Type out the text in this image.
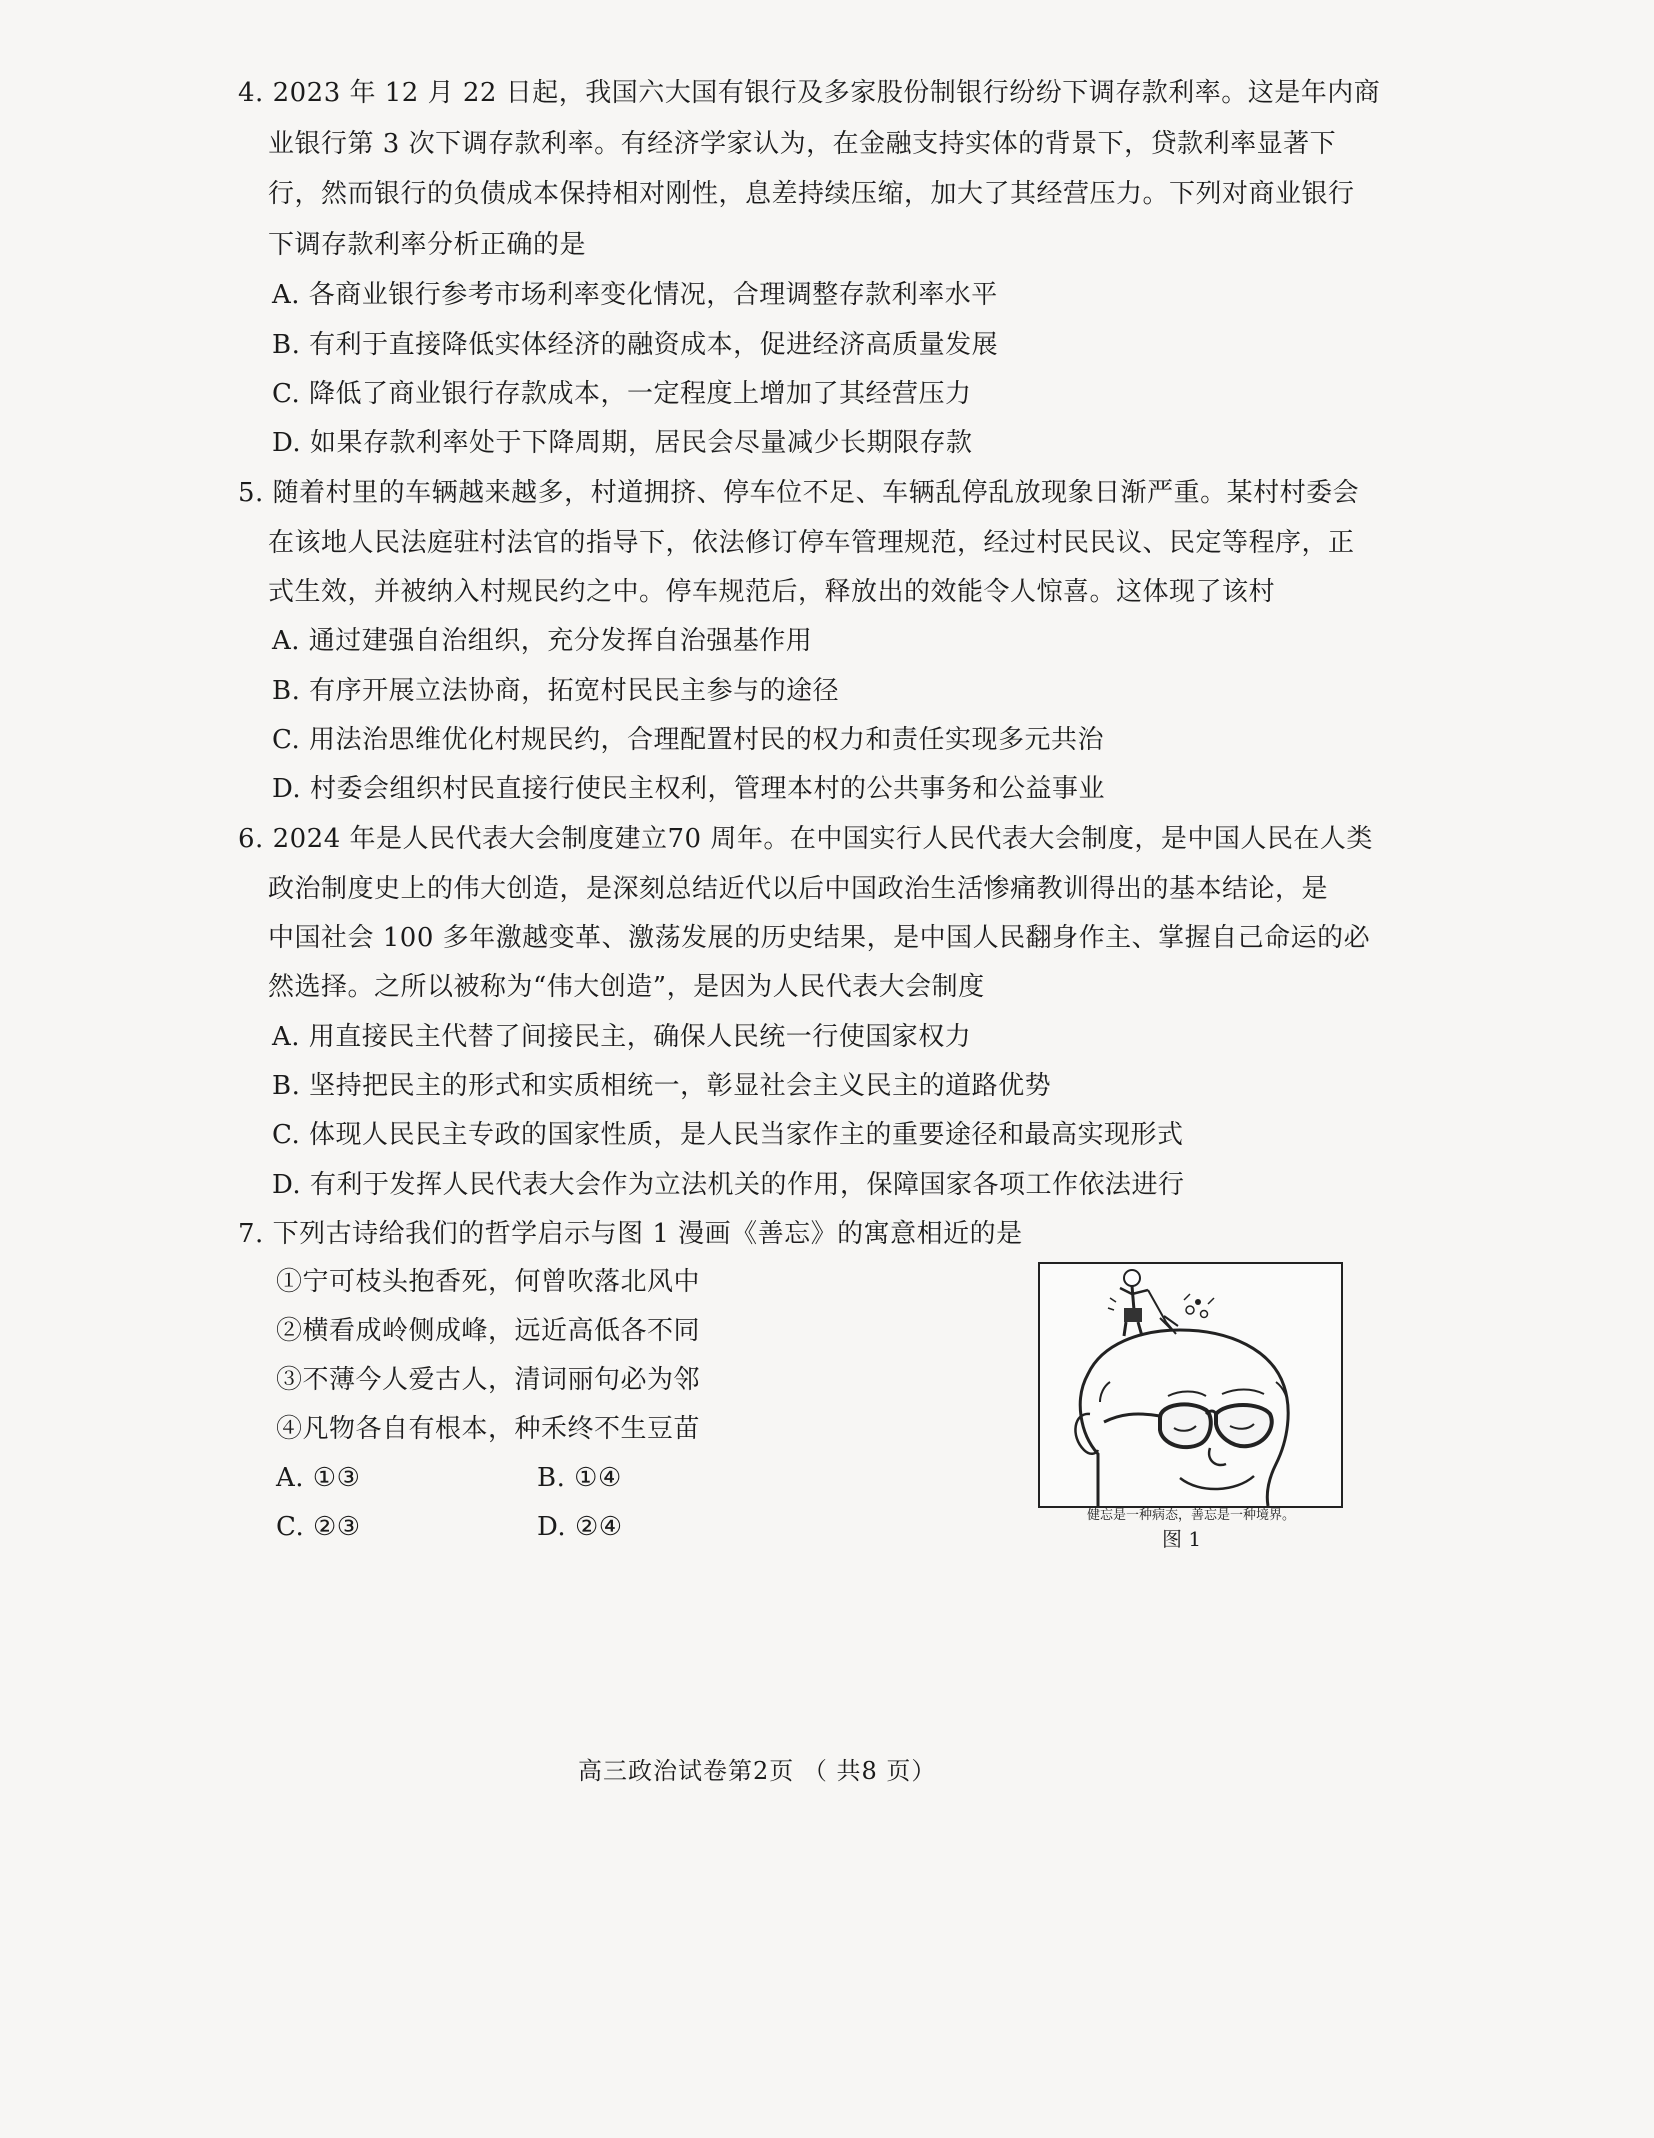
4. 2023 年 12 月 22 日起，我国六大国有银行及多家股份制银行纷纷下调存款利率。这是年内商
业银行第 3 次下调存款利率。有经济学家认为，在金融支持实体的背景下，贷款利率显著下
行，然而银行的负债成本保持相对刚性，息差持续压缩，加大了其经营压力。下列对商业银行
下调存款利率分析正确的是
A. 各商业银行参考市场利率变化情况，合理调整存款利率水平
B. 有利于直接降低实体经济的融资成本，促进经济高质量发展
C. 降低了商业银行存款成本，一定程度上增加了其经营压力
D. 如果存款利率处于下降周期，居民会尽量减少长期限存款
5. 随着村里的车辆越来越多，村道拥挤、停车位不足、车辆乱停乱放现象日渐严重。某村村委会
在该地人民法庭驻村法官的指导下，依法修订停车管理规范，经过村民民议、民定等程序，正
式生效，并被纳入村规民约之中。停车规范后，释放出的效能令人惊喜。这体现了该村
A. 通过建强自治组织，充分发挥自治强基作用
B. 有序开展立法协商，拓宽村民民主参与的途径
C. 用法治思维优化村规民约，合理配置村民的权力和责任实现多元共治
D. 村委会组织村民直接行使民主权利，管理本村的公共事务和公益事业
6. 2024 年是人民代表大会制度建立70 周年。在中国实行人民代表大会制度，是中国人民在人类
政治制度史上的伟大创造，是深刻总结近代以后中国政治生活惨痛教训得出的基本结论，是
中国社会 100 多年激越变革、激荡发展的历史结果，是中国人民翻身作主、掌握自己命运的必
然选择。之所以被称为“伟大创造”，是因为人民代表大会制度
A. 用直接民主代替了间接民主，确保人民统一行使国家权力
B. 坚持把民主的形式和实质相统一，彰显社会主义民主的道路优势
C. 体现人民民主专政的国家性质，是人民当家作主的重要途径和最高实现形式
D. 有利于发挥人民代表大会作为立法机关的作用，保障国家各项工作依法进行
7. 下列古诗给我们的哲学启示与图 1 漫画《善忘》的寓意相近的是
①宁可枝头抱香死，何曾吹落北风中
②横看成岭侧成峰，远近高低各不同
③不薄今人爱古人，清词丽句必为邻
④凡物各自有根本，种禾终不生豆苗
A. ①③	B. ①④
C. ②③	D. ②④	健忘是一种病态，善忘是一种境界。
图 1
高三政治试卷第2页 （ 共8 页）
